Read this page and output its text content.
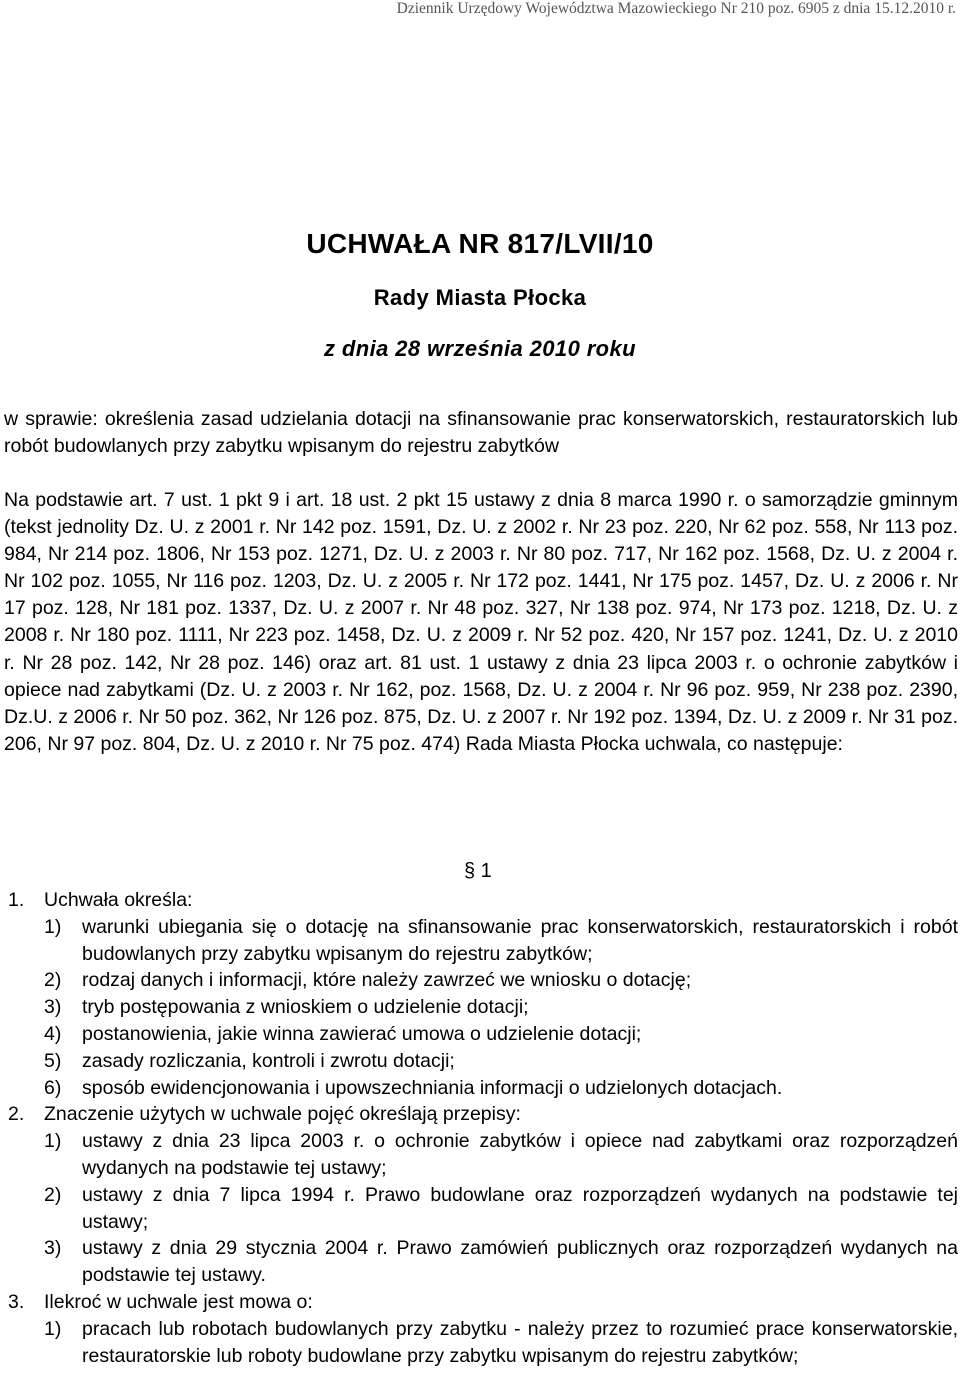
Dziennik Urzędowy Województwa Mazowieckiego Nr 210 poz. 6905 z dnia 15.12.2010 r.
UCHWAŁA NR 817/LVII/10
Rady Miasta Płocka
z dnia 28 września 2010 roku
w sprawie: określenia zasad udzielania dotacji na sfinansowanie prac konserwatorskich, restauratorskich lub robót budowlanych przy zabytku wpisanym do rejestru zabytków
Na podstawie art. 7 ust. 1 pkt 9 i art. 18 ust. 2 pkt 15 ustawy z dnia 8 marca 1990 r. o samorządzie gminnym (tekst jednolity Dz. U. z 2001 r. Nr 142 poz. 1591, Dz. U. z 2002 r. Nr 23 poz. 220, Nr 62 poz. 558, Nr 113 poz. 984, Nr 214 poz. 1806, Nr 153 poz. 1271, Dz. U. z 2003 r. Nr 80 poz. 717, Nr 162 poz. 1568, Dz. U. z 2004 r. Nr 102 poz. 1055, Nr 116 poz. 1203, Dz. U. z 2005 r. Nr 172 poz. 1441, Nr 175 poz. 1457, Dz. U. z 2006 r. Nr 17 poz. 128, Nr 181 poz. 1337, Dz. U. z 2007 r. Nr 48 poz. 327, Nr 138 poz. 974, Nr 173 poz. 1218, Dz. U. z 2008 r. Nr 180 poz. 1111, Nr 223 poz. 1458, Dz. U. z 2009 r. Nr 52 poz. 420, Nr 157 poz. 1241, Dz. U. z 2010 r. Nr 28 poz. 142, Nr 28 poz. 146) oraz art. 81 ust. 1 ustawy z dnia 23 lipca 2003 r. o ochronie zabytków i opiece nad zabytkami (Dz. U. z 2003 r. Nr 162, poz. 1568, Dz. U. z 2004 r. Nr 96 poz. 959, Nr 238 poz. 2390, Dz.U. z 2006 r. Nr 50 poz. 362, Nr 126 poz. 875, Dz. U. z 2007 r. Nr 192 poz. 1394, Dz. U. z 2009 r. Nr 31 poz. 206, Nr 97 poz. 804, Dz. U. z 2010 r. Nr 75 poz. 474) Rada Miasta Płocka uchwala, co następuje:
§ 1
1.	Uchwała określa:
1)	warunki ubiegania się o dotację na sfinansowanie prac konserwatorskich, restauratorskich i robót budowlanych przy zabytku wpisanym do rejestru zabytków;
2)	rodzaj danych i informacji, które należy zawrzeć we wniosku o dotację;
3)	tryb postępowania z wnioskiem o udzielenie dotacji;
4)	postanowienia, jakie winna zawierać umowa o udzielenie dotacji;
5)	zasady rozliczania, kontroli i zwrotu dotacji;
6)	sposób ewidencjonowania i upowszechniania informacji o udzielonych dotacjach.
2.	Znaczenie użytych w uchwale pojęć określają przepisy:
1)	ustawy z dnia 23 lipca 2003 r. o ochronie zabytków i opiece nad zabytkami oraz rozporządzeń wydanych na podstawie tej ustawy;
2)	ustawy z dnia 7 lipca 1994 r. Prawo budowlane oraz rozporządzeń wydanych na podstawie tej ustawy;
3)	ustawy z dnia 29 stycznia 2004 r. Prawo zamówień publicznych oraz rozporządzeń wydanych na podstawie tej ustawy.
3.	Ilekroć w uchwale jest mowa o:
1)	pracach lub robotach budowlanych przy zabytku - należy przez to rozumieć prace konserwatorskie, restauratorskie lub roboty budowlane przy zabytku wpisanym do rejestru zabytków;
